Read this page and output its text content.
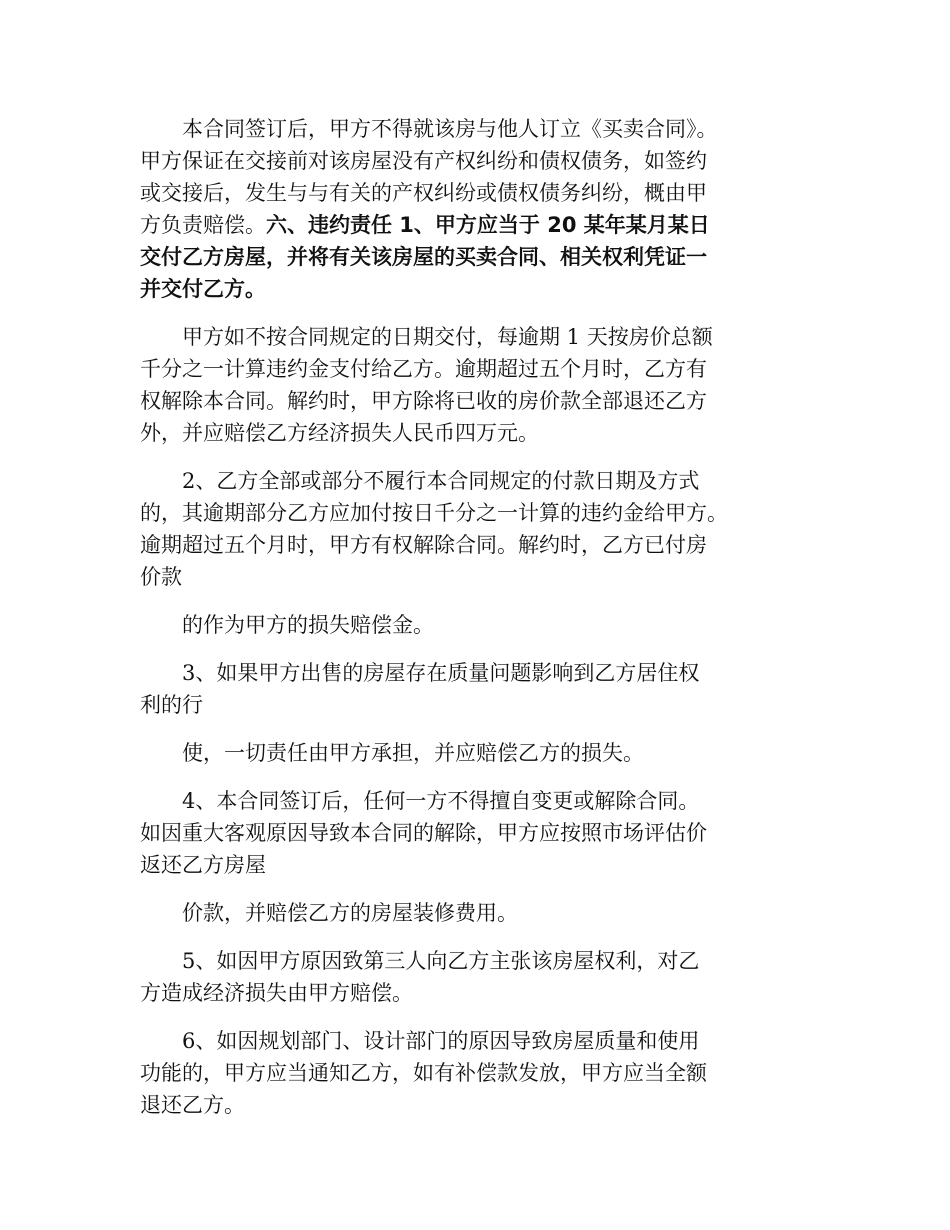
本合同签订后，甲方不得就该房与他人订立《买卖合同》。
甲方保证在交接前对该房屋没有产权纠纷和债权债务，如签约
或交接后，发生与与有关的产权纠纷或债权债务纠纷，概由甲
方负责赔偿。六、违约责任 1、甲方应当于 20 某年某月某日
交付乙方房屋，并将有关该房屋的买卖合同、相关权利凭证一
并交付乙方。

甲方如不按合同规定的日期交付，每逾期 1 天按房价总额
千分之一计算违约金支付给乙方。逾期超过五个月时，乙方有
权解除本合同。解约时，甲方除将已收的房价款全部退还乙方
外，并应赔偿乙方经济损失人民币四万元。

2、乙方全部或部分不履行本合同规定的付款日期及方式
的，其逾期部分乙方应加付按日千分之一计算的违约金给甲方。
逾期超过五个月时，甲方有权解除合同。解约时，乙方已付房
价款

的作为甲方的损失赔偿金。

3、如果甲方出售的房屋存在质量问题影响到乙方居住权
利的行

使，一切责任由甲方承担，并应赔偿乙方的损失。

4、本合同签订后，任何一方不得擅自变更或解除合同。
如因重大客观原因导致本合同的解除，甲方应按照市场评估价
返还乙方房屋

价款，并赔偿乙方的房屋装修费用。

5、如因甲方原因致第三人向乙方主张该房屋权利，对乙
方造成经济损失由甲方赔偿。

6、如因规划部门、设计部门的原因导致房屋质量和使用
功能的，甲方应当通知乙方，如有补偿款发放，甲方应当全额
退还乙方。
